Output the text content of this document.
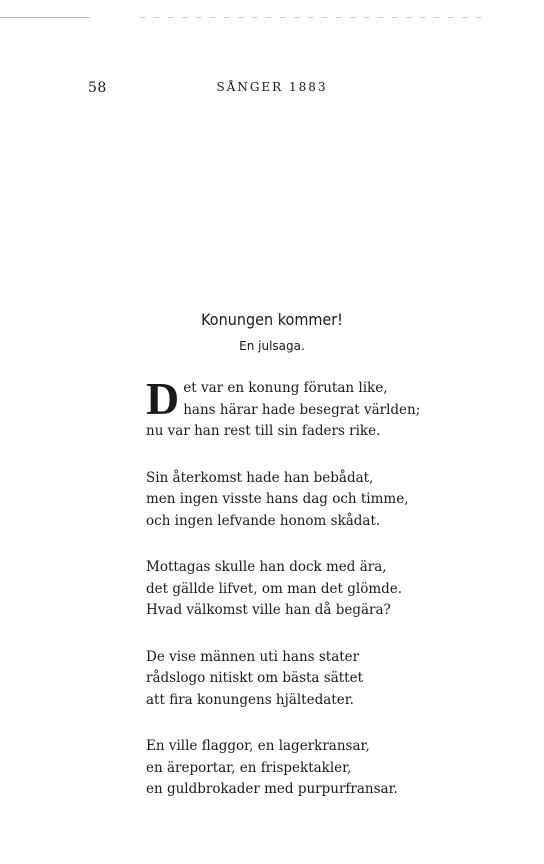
58	SÅNGER 1883
Konungen kommer!
En julsaga.
D et var en konung förutan like,
hans härar hade besegrat världen;
nu var han rest till sin faders rike.
Sin återkomst hade han bebådat,
men ingen visste hans dag och timme,
och ingen lefvande honom skådat.
Mottagas skulle han dock med ära,
det gällde lifvet, om man det glömde.
Hvad välkomst ville han då begära?
De vise männen uti hans stater
rådslogo nitiskt om bästa sättet
att fira konungens hjältedater.
En ville flaggor, en lagerkransar,
en äreportar, en frispektakler,
en guldbrokader med purpurfransar.
